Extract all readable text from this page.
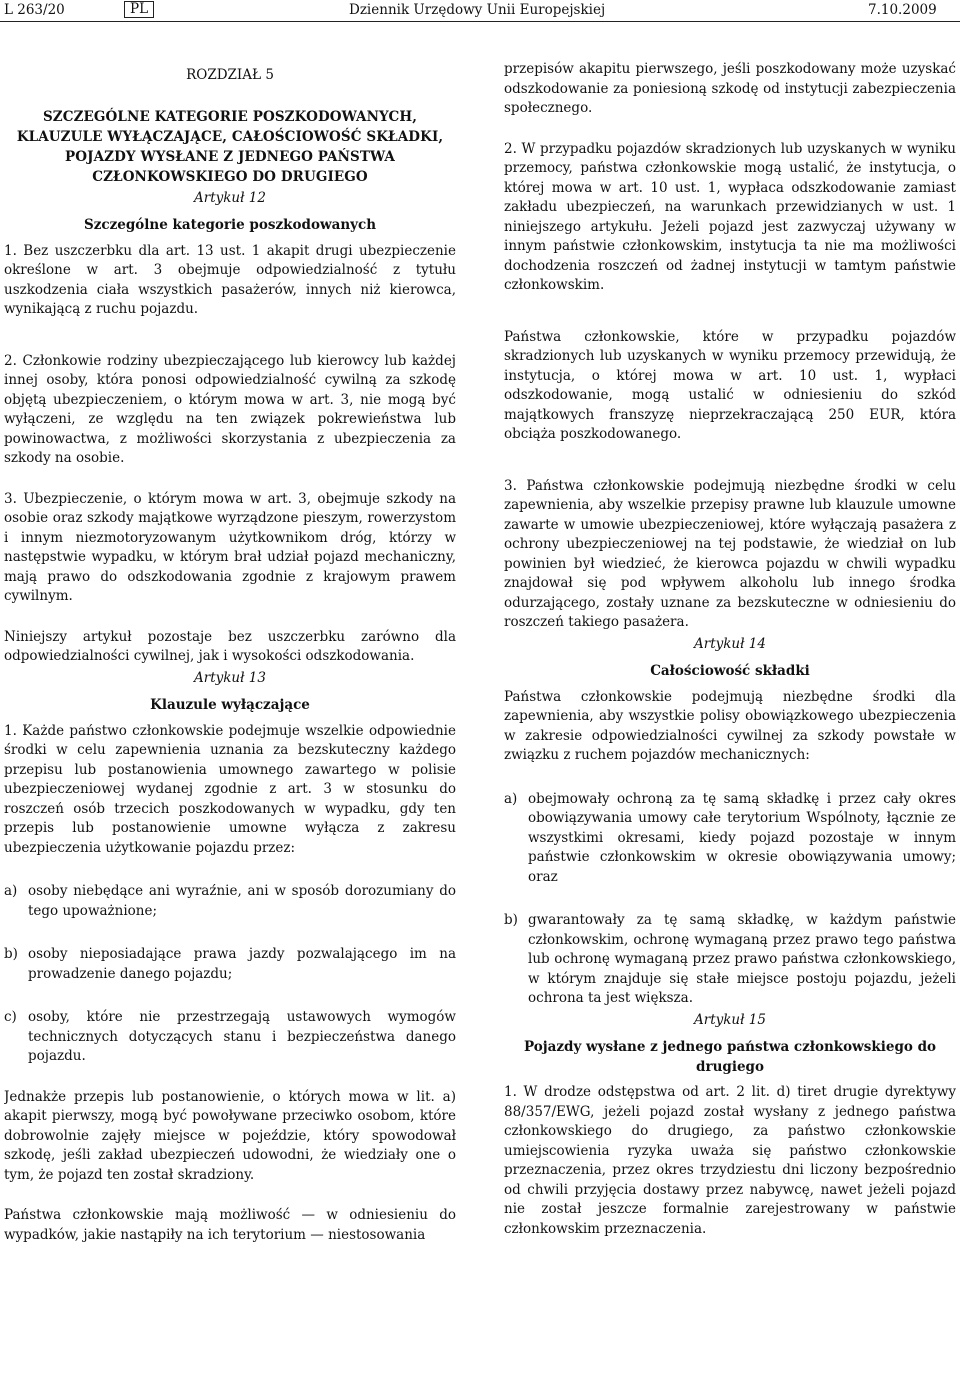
L 263/20	PL	Dziennik Urzędowy Unii Europejskiej	7.10.2009

ROZDZIAŁ 5

SZCZEGÓLNE KATEGORIE POSZKODOWANYCH, KLAUZULE WYŁĄCZAJĄCE, CAŁOŚCIOWOŚĆ SKŁADKI, POJAZDY WYSŁANE Z JEDNEGO PAŃSTWA CZŁONKOWSKIEGO DO DRUGIEGO

Artykuł 12

Szczególne kategorie poszkodowanych

1. Bez uszczerbku dla art. 13 ust. 1 akapit drugi ubezpieczenie określone w art. 3 obejmuje odpowiedzialność z tytułu uszkodzenia ciała wszystkich pasażerów, innych niż kierowca, wynikającą z ruchu pojazdu.

2. Członkowie rodziny ubezpieczającego lub kierowcy lub każdej innej osoby, która ponosi odpowiedzialność cywilną za szkodę objętą ubezpieczeniem, o którym mowa w art. 3, nie mogą być wyłączeni, ze względu na ten związek pokrewieństwa lub powinowactwa, z możliwości skorzystania z ubezpieczenia za szkody na osobie.

3. Ubezpieczenie, o którym mowa w art. 3, obejmuje szkody na osobie oraz szkody majątkowe wyrządzone pieszym, rowerzystom i innym niezmotoryzowanym użytkownikom dróg, którzy w następstwie wypadku, w którym brał udział pojazd mechaniczny, mają prawo do odszkodowania zgodnie z krajowym prawem cywilnym.

Niniejszy artykuł pozostaje bez uszczerbku zarówno dla odpowiedzialności cywilnej, jak i wysokości odszkodowania.

Artykuł 13

Klauzule wyłączające

1. Każde państwo członkowskie podejmuje wszelkie odpowiednie środki w celu zapewnienia uznania za bezskuteczny każdego przepisu lub postanowienia umownego zawartego w polisie ubezpieczeniowej wydanej zgodnie z art. 3 w stosunku do roszczeń osób trzecich poszkodowanych w wypadku, gdy ten przepis lub postanowienie umowne wyłącza z zakresu ubezpieczenia użytkowanie pojazdu przez:

a) osoby niebędące ani wyraźnie, ani w sposób dorozumiany do tego upoważnione;
b) osoby nieposiadające prawa jazdy pozwalającego im na prowadzenie danego pojazdu;
c) osoby, które nie przestrzegają ustawowych wymogów technicznych dotyczących stanu i bezpieczeństwa danego pojazdu.

Jednakże przepis lub postanowienie, o których mowa w lit. a) akapit pierwszy, mogą być powoływane przeciwko osobom, które dobrowolnie zajęły miejsce w pojeździe, który spowodował szkodę, jeśli zakład ubezpieczeń udowodni, że wiedziały one o tym, że pojazd ten został skradziony.

Państwa członkowskie mają możliwość — w odniesieniu do wypadków, jakie nastąpiły na ich terytorium — niestosowania

przepisów akapitu pierwszego, jeśli poszkodowany może uzyskać odszkodowanie za poniesioną szkodę od instytucji zabezpieczenia społecznego.

2. W przypadku pojazdów skradzionych lub uzyskanych w wyniku przemocy, państwa członkowskie mogą ustalić, że instytucja, o której mowa w art. 10 ust. 1, wypłaca odszkodowanie zamiast zakładu ubezpieczeń, na warunkach przewidzianych w ust. 1 niniejszego artykułu. Jeżeli pojazd jest zazwyczaj używany w innym państwie członkowskim, instytucja ta nie ma możliwości dochodzenia roszczeń od żadnej instytucji w tamtym państwie członkowskim.

Państwa członkowskie, które w przypadku pojazdów skradzionych lub uzyskanych w wyniku przemocy przewidują, że instytucja, o której mowa w art. 10 ust. 1, wypłaci odszkodowanie, mogą ustalić w odniesieniu do szkód majątkowych franszyzę nieprzekraczającą 250 EUR, która obciąża poszkodowanego.

3. Państwa członkowskie podejmują niezbędne środki w celu zapewnienia, aby wszelkie przepisy prawne lub klauzule umowne zawarte w umowie ubezpieczeniowej, które wyłączają pasażera z ochrony ubezpieczeniowej na tej podstawie, że wiedział on lub powinien był wiedzieć, że kierowca pojazdu w chwili wypadku znajdował się pod wpływem alkoholu lub innego środka odurzającego, zostały uznane za bezskuteczne w odniesieniu do roszczeń takiego pasażera.

Artykuł 14

Całościowość składki

Państwa członkowskie podejmują niezbędne środki dla zapewnienia, aby wszystkie polisy obowiązkowego ubezpieczenia w zakresie odpowiedzialności cywilnej za szkody powstałe w związku z ruchem pojazdów mechanicznych:

a) obejmowały ochroną za tę samą składkę i przez cały okres obowiązywania umowy całe terytorium Wspólnoty, łącznie ze wszystkimi okresami, kiedy pojazd pozostaje w innym państwie członkowskim w okresie obowiązywania umowy; oraz
b) gwarantowały za tę samą składkę, w każdym państwie członkowskim, ochronę wymaganą przez prawo tego państwa lub ochronę wymaganą przez prawo państwa członkowskiego, w którym znajduje się stałe miejsce postoju pojazdu, jeżeli ochrona ta jest większa.

Artykuł 15

Pojazdy wysłane z jednego państwa członkowskiego do drugiego

1. W drodze odstępstwa od art. 2 lit. d) tiret drugie dyrektywy 88/357/EWG, jeżeli pojazd został wysłany z jednego państwa członkowskiego do drugiego, za państwo członkowskie umiejscowienia ryzyka uważa się państwo członkowskie przeznaczenia, przez okres trzydziestu dni liczony bezpośrednio od chwili przyjęcia dostawy przez nabywcę, nawet jeżeli pojazd nie został jeszcze formalnie zarejestrowany w państwie członkowskim przeznaczenia.
